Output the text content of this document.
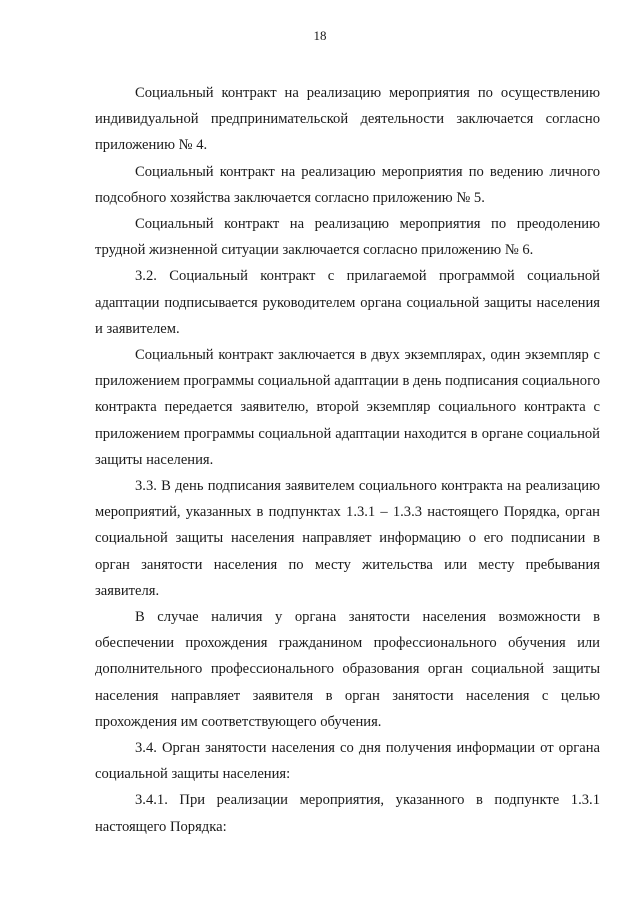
18

Социальный контракт на реализацию мероприятия по осуществлению индивидуальной предпринимательской деятельности заключается согласно приложению № 4.

Социальный контракт на реализацию мероприятия по ведению личного подсобного хозяйства заключается согласно приложению № 5.

Социальный контракт на реализацию мероприятия по преодолению трудной жизненной ситуации заключается согласно приложению № 6.

3.2. Социальный контракт с прилагаемой программой социальной адаптации подписывается руководителем органа социальной защиты населения и заявителем.

Социальный контракт заключается в двух экземплярах, один экземпляр с приложением программы социальной адаптации в день подписания социального контракта передается заявителю, второй экземпляр социального контракта с приложением программы социальной адаптации находится в органе социальной защиты населения.

3.3. В день подписания заявителем социального контракта на реализацию мероприятий, указанных в подпунктах 1.3.1 – 1.3.3 настоящего Порядка, орган социальной защиты населения направляет информацию о его подписании в орган занятости населения по месту жительства или месту пребывания заявителя.

В случае наличия у органа занятости населения возможности в обеспечении прохождения гражданином профессионального обучения или дополнительного профессионального образования орган социальной защиты населения направляет заявителя в орган занятости населения с целью прохождения им соответствующего обучения.

3.4. Орган занятости населения со дня получения информации от органа социальной защиты населения:

3.4.1. При реализации мероприятия, указанного в подпункте 1.3.1 настоящего Порядка:
